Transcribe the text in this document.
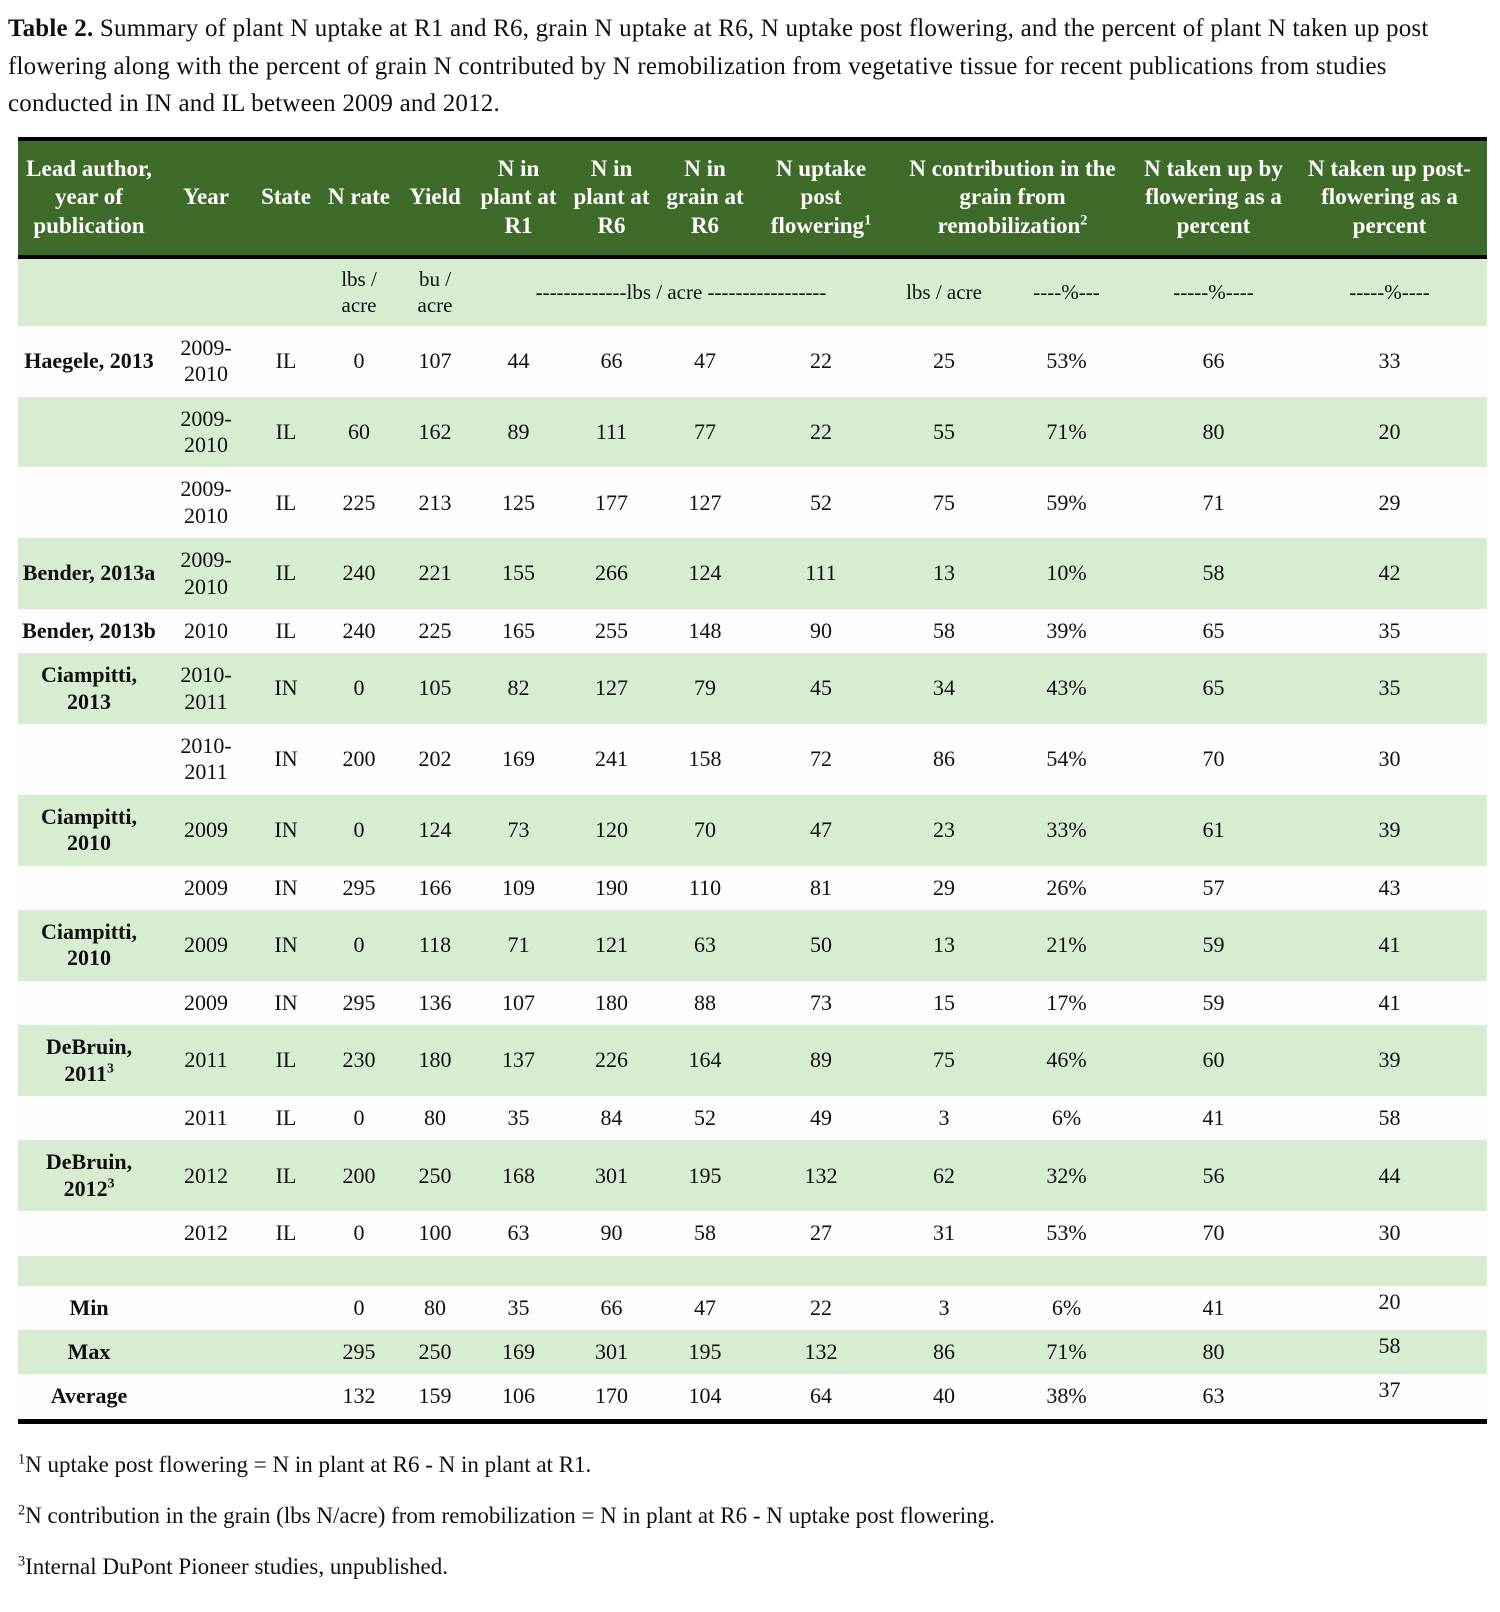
Table 2. Summary of plant N uptake at R1 and R6, grain N uptake at R6, N uptake post flowering, and the percent of plant N taken up post flowering along with the percent of grain N contributed by N remobilization from vegetative tissue for recent publications from studies conducted in IN and IL between 2009 and 2012.

Lead author, year of publication	Year	State	N rate	Yield	N in plant at R1	N in plant at R6	N in grain at R6	N uptake post flowering$^1$	N contribution in the grain from remobilization$^2$		N taken up by flowering as a percent	N taken up post-flowering as a percent
			lbs / acre	bu / acre	-------------lbs / acre -----------------				lbs / acre	----%---	-----%----	-----%----
Haegele, 2013	2009-2010	IL	0	107	44	66	47	22	25	53%	66	33
	2009-2010	IL	60	162	89	111	77	22	55	71%	80	20
	2009-2010	IL	225	213	125	177	127	52	75	59%	71	29
Bender, 2013a	2009-2010	IL	240	221	155	266	124	111	13	10%	58	42
Bender, 2013b	2010	IL	240	225	165	255	148	90	58	39%	65	35
Ciampitti, 2013	2010-2011	IN	0	105	82	127	79	45	34	43%	65	35
	2010-2011	IN	200	202	169	241	158	72	86	54%	70	30
Ciampitti, 2010	2009	IN	0	124	73	120	70	47	23	33%	61	39
	2009	IN	295	166	109	190	110	81	29	26%	57	43
Ciampitti, 2010	2009	IN	0	118	71	121	63	50	13	21%	59	41
	2009	IN	295	136	107	180	88	73	15	17%	59	41
DeBruin, 2011$^3$	2011	IL	230	180	137	226	164	89	75	46%	60	39
	2011	IL	0	80	35	84	52	49	3	6%	41	58
DeBruin, 2012$^3$	2012	IL	200	250	168	301	195	132	62	32%	56	44
	2012	IL	0	100	63	90	58	27	31	53%	70	30

Min			0	80	35	66	47	22	3	6%	41	20
Max			295	250	169	301	195	132	86	71%	80	58
Average			132	159	106	170	104	64	40	38%	63	37

$^1$N uptake post flowering = N in plant at R6 - N in plant at R1.

$^2$N contribution in the grain (lbs N/acre) from remobilization = N in plant at R6 - N uptake post flowering.

$^3$Internal DuPont Pioneer studies, unpublished.
